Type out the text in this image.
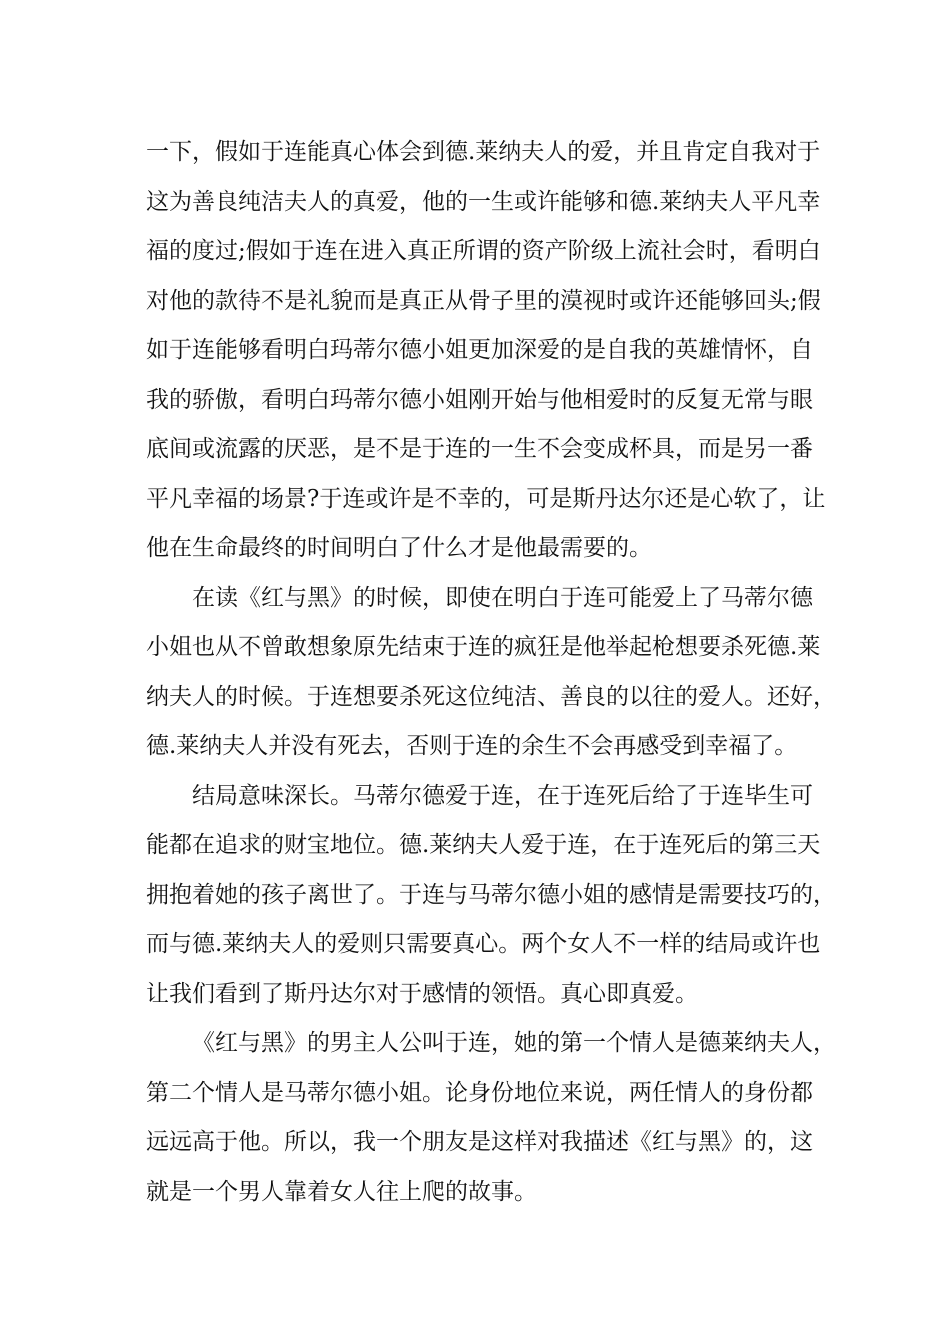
一下，假如于连能真心体会到德.莱纳夫人的爱，并且肯定自我对于
这为善良纯洁夫人的真爱，他的一生或许能够和德.莱纳夫人平凡幸
福的度过;假如于连在进入真正所谓的资产阶级上流社会时，看明白
对他的款待不是礼貌而是真正从骨子里的漠视时或许还能够回头;假
如于连能够看明白玛蒂尔德小姐更加深爱的是自我的英雄情怀，自
我的骄傲，看明白玛蒂尔德小姐刚开始与他相爱时的反复无常与眼
底间或流露的厌恶，是不是于连的一生不会变成杯具，而是另一番
平凡幸福的场景?于连或许是不幸的，可是斯丹达尔还是心软了，让
他在生命最终的时间明白了什么才是他最需要的。
在读《红与黑》的时候，即使在明白于连可能爱上了马蒂尔德
小姐也从不曾敢想象原先结束于连的疯狂是他举起枪想要杀死德.莱
纳夫人的时候。于连想要杀死这位纯洁、善良的以往的爱人。还好，
德.莱纳夫人并没有死去，否则于连的余生不会再感受到幸福了。
结局意味深长。马蒂尔德爱于连，在于连死后给了于连毕生可
能都在追求的财宝地位。德.莱纳夫人爱于连，在于连死后的第三天
拥抱着她的孩子离世了。于连与马蒂尔德小姐的感情是需要技巧的，
而与德.莱纳夫人的爱则只需要真心。两个女人不一样的结局或许也
让我们看到了斯丹达尔对于感情的领悟。真心即真爱。
《红与黑》的男主人公叫于连，她的第一个情人是德莱纳夫人，
第二个情人是马蒂尔德小姐。论身份地位来说，两任情人的身份都
远远高于他。所以，我一个朋友是这样对我描述《红与黑》的，这
就是一个男人靠着女人往上爬的故事。
